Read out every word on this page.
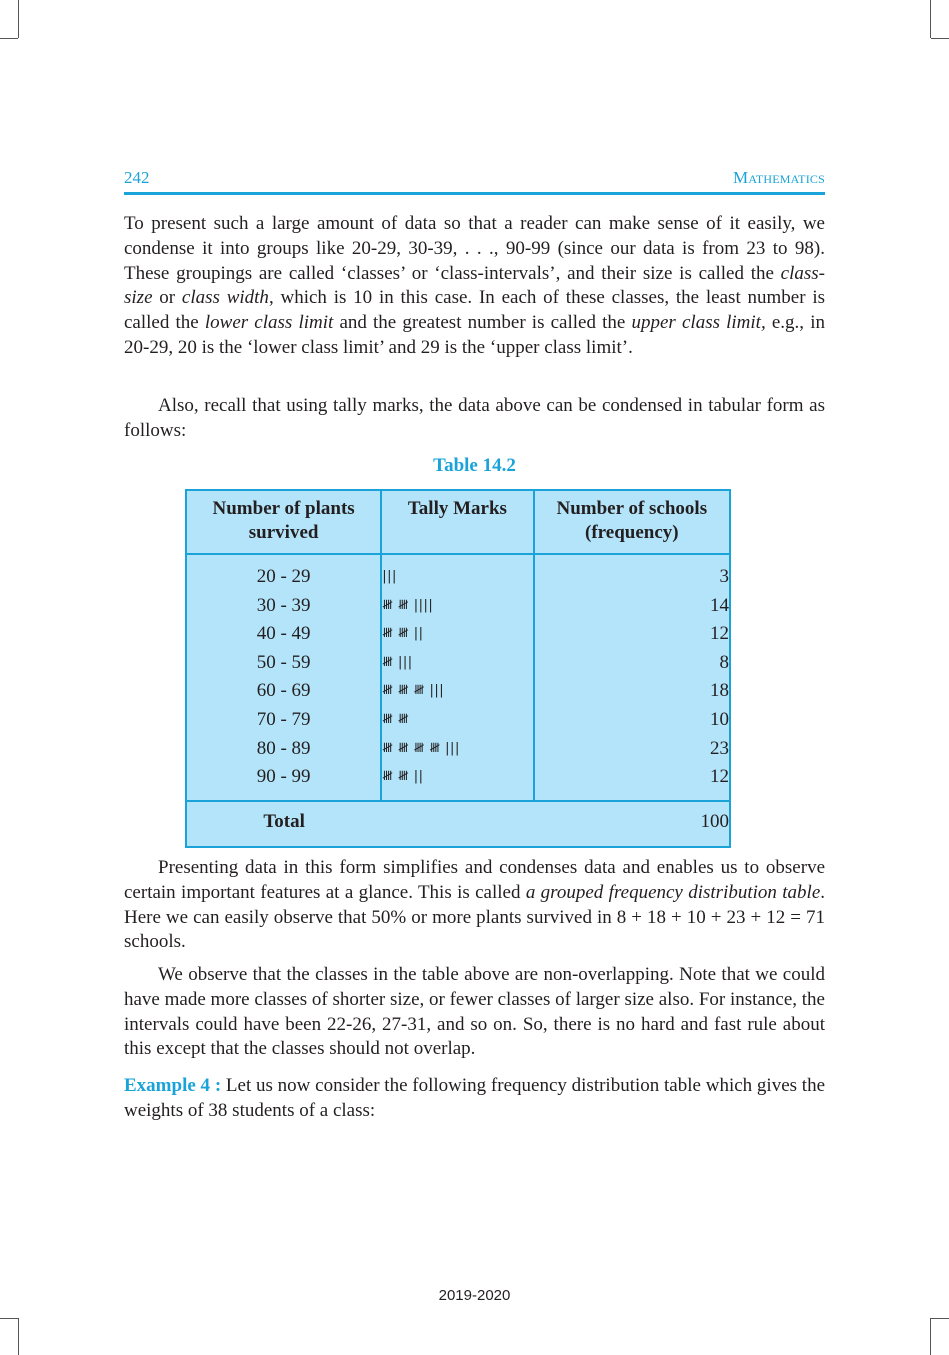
242	Mathematics

To present such a large amount of data so that a reader can make sense of it easily, we condense it into groups like 20-29, 30-39, . . ., 90-99 (since our data is from 23 to 98). These groupings are called ‘classes’ or ‘class-intervals’, and their size is called the class-size or class width, which is 10 in this case. In each of these classes, the least number is called the lower class limit and the greatest number is called the upper class limit, e.g., in 20-29, 20 is the ‘lower class limit’ and 29 is the ‘upper class limit’.

Also, recall that using tally marks, the data above can be condensed in tabular form as follows:

Table 14.2
Number of plants
survived	Tally Marks	Number of schools
(frequency)
20 - 29	|||	3
30 - 39	𝍸 𝍸 ||||	14
40 - 49	𝍸 𝍸 ||	12
50 - 59	𝍸 |||	8
60 - 69	𝍸 𝍸 𝍸 |||	18
70 - 79	𝍸 𝍸	10
80 - 89	𝍸 𝍸 𝍸 𝍸 |||	23
90 - 99	𝍸 𝍸 ||	12
Total		100

Presenting data in this form simplifies and condenses data and enables us to observe certain important features at a glance. This is called a grouped frequency distribution table. Here we can easily observe that 50% or more plants survived in 8 + 18 + 10 + 23 + 12 = 71 schools.

We observe that the classes in the table above are non-overlapping. Note that we could have made more classes of shorter size, or fewer classes of larger size also. For instance, the intervals could have been 22-26, 27-31, and so on. So, there is no hard and fast rule about this except that the classes should not overlap.

Example 4 : Let us now consider the following frequency distribution table which gives the weights of 38 students of a class:

2019-2020
